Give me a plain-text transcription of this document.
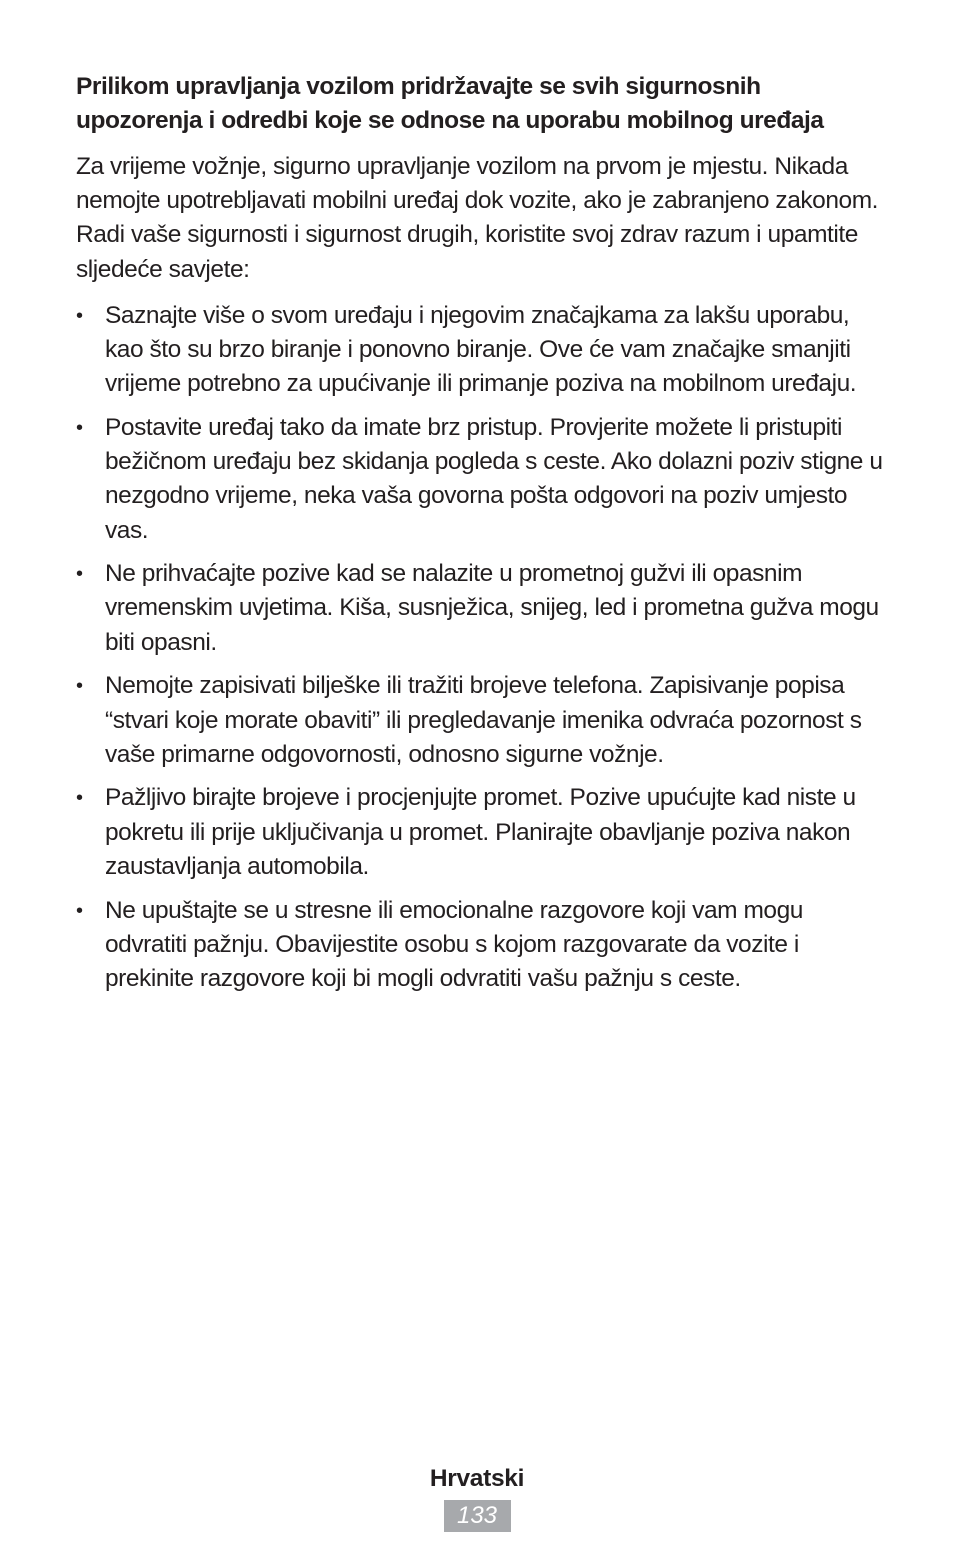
Prilikom upravljanja vozilom pridržavajte se svih sigurnosnih upozorenja i odredbi koje se odnose na uporabu mobilnog uređaja

Za vrijeme vožnje, sigurno upravljanje vozilom na prvom je mjestu. Nikada nemojte upotrebljavati mobilni uređaj dok vozite, ako je zabranjeno zakonom. Radi vaše sigurnosti i sigurnost drugih, koristite svoj zdrav razum i upamtite sljedeće savjete:

• Saznajte više o svom uređaju i njegovim značajkama za lakšu uporabu, kao što su brzo biranje i ponovno biranje. Ove će vam značajke smanjiti vrijeme potrebno za upućivanje ili primanje poziva na mobilnom uređaju.
• Postavite uređaj tako da imate brz pristup. Provjerite možete li pristupiti bežičnom uređaju bez skidanja pogleda s ceste. Ako dolazni poziv stigne u nezgodno vrijeme, neka vaša govorna pošta odgovori na poziv umjesto vas.
• Ne prihvaćajte pozive kad se nalazite u prometnoj gužvi ili opasnim vremenskim uvjetima. Kiša, susnježica, snijeg, led i prometna gužva mogu biti opasni.
• Nemojte zapisivati bilješke ili tražiti brojeve telefona. Zapisivanje popisa “stvari koje morate obaviti” ili pregledavanje imenika odvraća pozornost s vaše primarne odgovornosti, odnosno sigurne vožnje.
• Pažljivo birajte brojeve i procjenjujte promet. Pozive upućujte kad niste u pokretu ili prije uključivanja u promet. Planirajte obavljanje poziva nakon zaustavljanja automobila.
• Ne upuštajte se u stresne ili emocionalne razgovore koji vam mogu odvratiti pažnju. Obavijestite osobu s kojom razgovarate da vozite i prekinite razgovore koji bi mogli odvratiti vašu pažnju s ceste.
Hrvatski
133
